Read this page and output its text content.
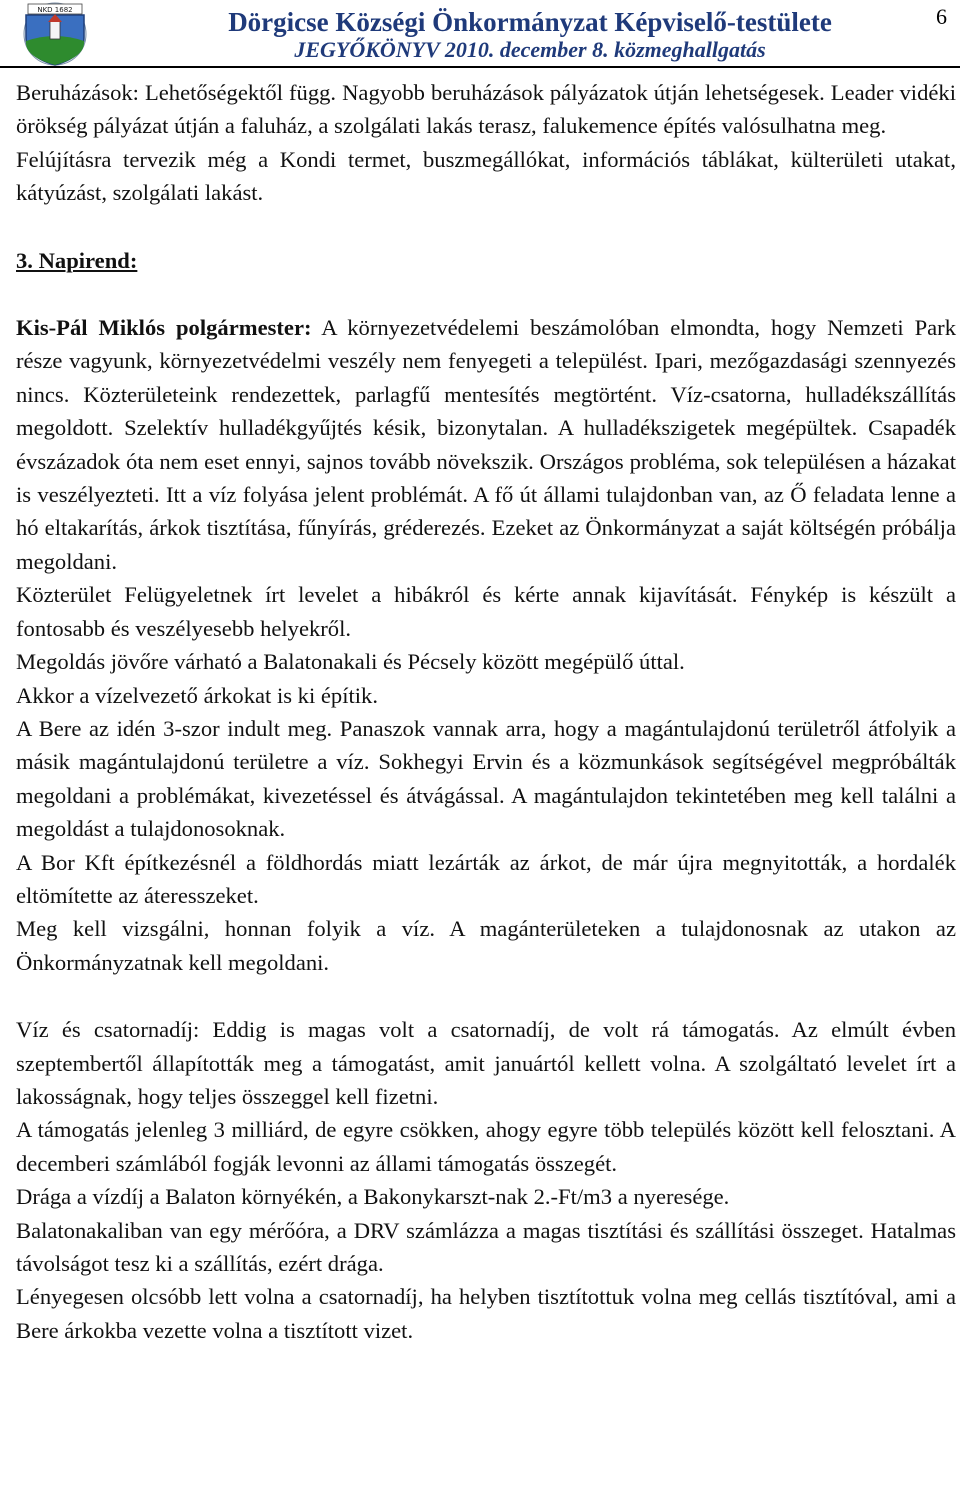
NKD 1682	Dörgicse Községi Önkormányzat Képviselő-testülete
JEGYŐKÖNYV 2010. december 8. közmeghallgatás
6

Beruházások: Lehetőségektől függ. Nagyobb beruházások pályázatok útján lehetségesek. Leader vidéki örökség pályázat útján a faluház, a szolgálati lakás terasz, falukemence építés valósulhatna meg.

Felújításra tervezik még a Kondi termet, buszmegállókat, információs táblákat, külterületi utakat, kátyúzást, szolgálati lakást.

3. Napirend:

Kis-Pál Miklós polgármester: A környezetvédelemi beszámolóban elmondta, hogy Nemzeti Park része vagyunk, környezetvédelmi veszély nem fenyegeti a települést. Ipari, mezőgazdasági szennyezés nincs. Közterületeink rendezettek, parlagfű mentesítés megtörtént. Víz-csatorna, hulladékszállítás megoldott. Szelektív hulladékgyűjtés késik, bizonytalan. A hulladékszigetek megépültek. Csapadék évszázadok óta nem eset ennyi, sajnos tovább növekszik. Országos probléma, sok településen a házakat is veszélyezteti. Itt a víz folyása jelent problémát. A fő út állami tulajdonban van, az Ő feladata lenne a hó eltakarítás, árkok tisztítása, fűnyírás, gréderezés. Ezeket az Önkormányzat a saját költségén próbálja megoldani.

Közterület Felügyeletnek írt levelet a hibákról és kérte annak kijavítását. Fénykép is készült a fontosabb és veszélyesebb helyekről.

Megoldás jövőre várható a Balatonakali és Pécsely között megépülő úttal.

Akkor a vízelvezető árkokat is ki építik.

A Bere az idén 3-szor indult meg. Panaszok vannak arra, hogy a magántulajdonú területről átfolyik a másik magántulajdonú területre a víz. Sokhegyi Ervin és a közmunkások segítségével megpróbálták megoldani a problémákat, kivezetéssel és átvágással. A magántulajdon tekintetében meg kell találni a megoldást a tulajdonosoknak.

A Bor Kft építkezésnél a földhordás miatt lezárták az árkot, de már újra megnyitották, a hordalék eltömítette az áteresszeket.

Meg kell vizsgálni, honnan folyik a víz. A magánterületeken a tulajdonosnak az utakon az Önkormányzatnak kell megoldani.

Víz és csatornadíj: Eddig is magas volt a csatornadíj, de volt rá támogatás. Az elmúlt évben szeptembertől állapították meg a támogatást, amit januártól kellett volna. A szolgáltató levelet írt a lakosságnak, hogy teljes összeggel kell fizetni.

A támogatás jelenleg 3 milliárd, de egyre csökken, ahogy egyre több település között kell felosztani. A decemberi számlából fogják levonni az állami támogatás összegét.

Drága a vízdíj a Balaton környékén, a Bakonykarszt-nak 2.-Ft/m3 a nyeresége.

Balatonakaliban van egy mérőóra, a DRV számlázza a magas tisztítási és szállítási összeget. Hatalmas távolságot tesz ki a szállítás, ezért drága.

Lényegesen olcsóbb lett volna a csatornadíj, ha helyben tisztítottuk volna meg cellás tisztítóval, ami a Bere árkokba vezette volna a tisztított vizet.
